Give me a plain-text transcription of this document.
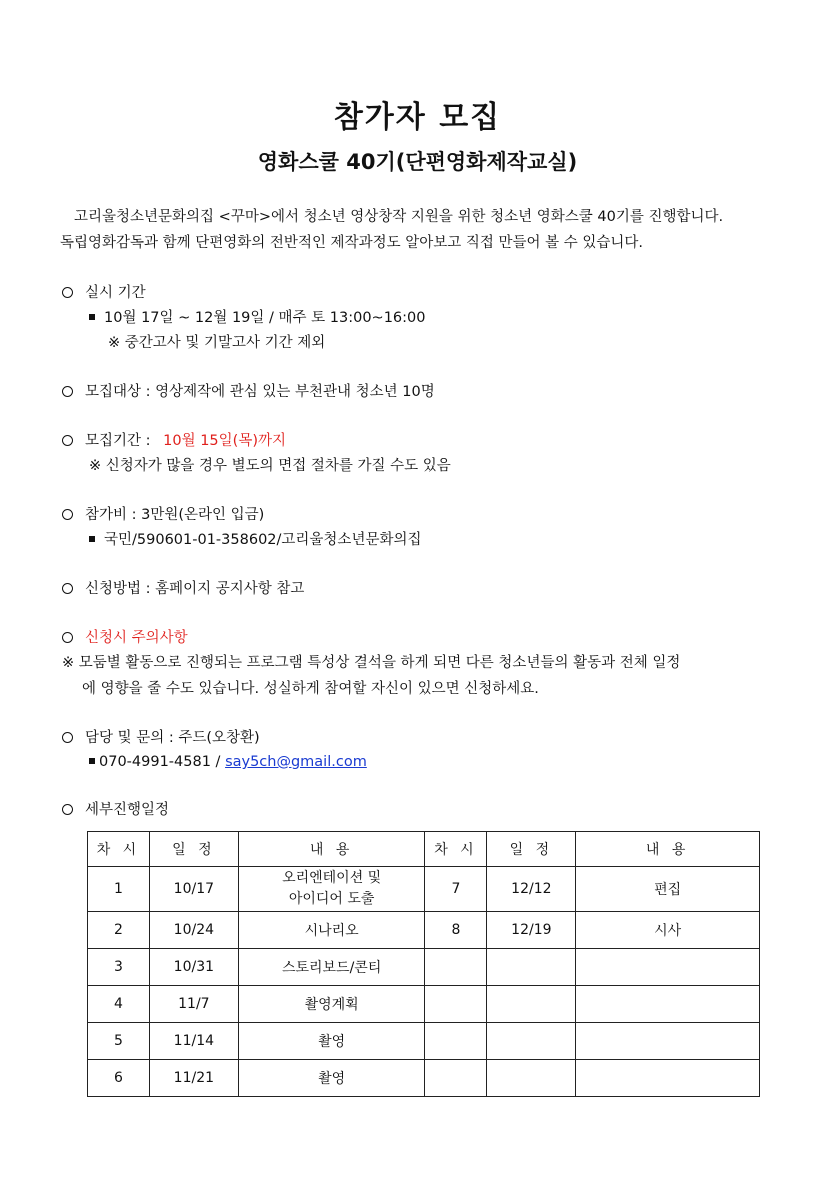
참가자 모집
영화스쿨 40기(단편영화제작교실)
고리울청소년문화의집 <꾸마>에서 청소년 영상창작 지원을 위한 청소년 영화스쿨 40기를 진행합니다.
독립영화감독과 함께 단편영화의 전반적인 제작과정도 알아보고 직접 만들어 볼 수 있습니다.
실시 기간
10월 17일 ~ 12월 19일 / 매주 토 13:00~16:00
※ 중간고사 및 기말고사 기간 제외
모집대상 : 영상제작에 관심 있는 부천관내 청소년 10명
모집기간 : 10월 15일(목)까지
※ 신청자가 많을 경우 별도의 면접 절차를 가질 수도 있음
참가비 : 3만원(온라인 입금)
국민/590601-01-358602/고리울청소년문화의집
신청방법 : 홈페이지 공지사항 참고
신청시 주의사항
※ 모둠별 활동으로 진행되는 프로그램 특성상 결석을 하게 되면 다른 청소년들의 활동과 전체 일정
에 영향을 줄 수도 있습니다. 성실하게 참여할 자신이 있으면 신청하세요.
담당 및 문의 : 주드(오창환)
070-4991-4581 / say5ch@gmail.com
세부진행일정
차 시	일 정	내 용	차 시	일 정	내 용
1	10/17	오리엔테이션 및
아이디어 도출	7	12/12	편집
2	10/24	시나리오	8	12/19	시사
3	10/31	스토리보드/콘티			
4	11/7	촬영계획			
5	11/14	촬영			
6	11/21	촬영			
